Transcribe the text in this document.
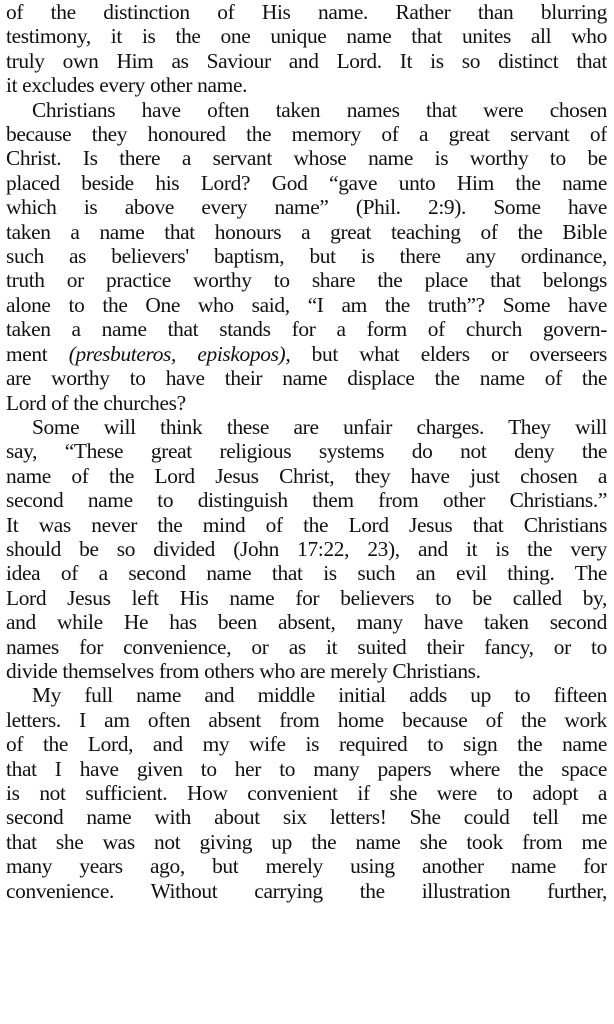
of the distinction of His name. Rather than blurring
testimony, it is the one unique name that unites all who
truly own Him as Saviour and Lord. It is so distinct that
it excludes every other name.
Christians have often taken names that were chosen
because they honoured the memory of a great servant of
Christ. Is there a servant whose name is worthy to be
placed beside his Lord? God “gave unto Him the name
which is above every name” (Phil. 2:9). Some have
taken a name that honours a great teaching of the Bible
such as believers' baptism, but is there any ordinance,
truth or practice worthy to share the place that belongs
alone to the One who said, “I am the truth”? Some have
taken a name that stands for a form of church govern-
ment (presbuteros, episkopos), but what elders or overseers
are worthy to have their name displace the name of the
Lord of the churches?
Some will think these are unfair charges. They will
say, “These great religious systems do not deny the
name of the Lord Jesus Christ, they have just chosen a
second name to distinguish them from other Christians.”
It was never the mind of the Lord Jesus that Christians
should be so divided (John 17:22, 23), and it is the very
idea of a second name that is such an evil thing. The
Lord Jesus left His name for believers to be called by,
and while He has been absent, many have taken second
names for convenience, or as it suited their fancy, or to
divide themselves from others who are merely Christians.
My full name and middle initial adds up to fifteen
letters. I am often absent from home because of the work
of the Lord, and my wife is required to sign the name
that I have given to her to many papers where the space
is not sufficient. How convenient if she were to adopt a
second name with about six letters! She could tell me
that she was not giving up the name she took from me
many years ago, but merely using another name for
convenience. Without carrying the illustration further,
